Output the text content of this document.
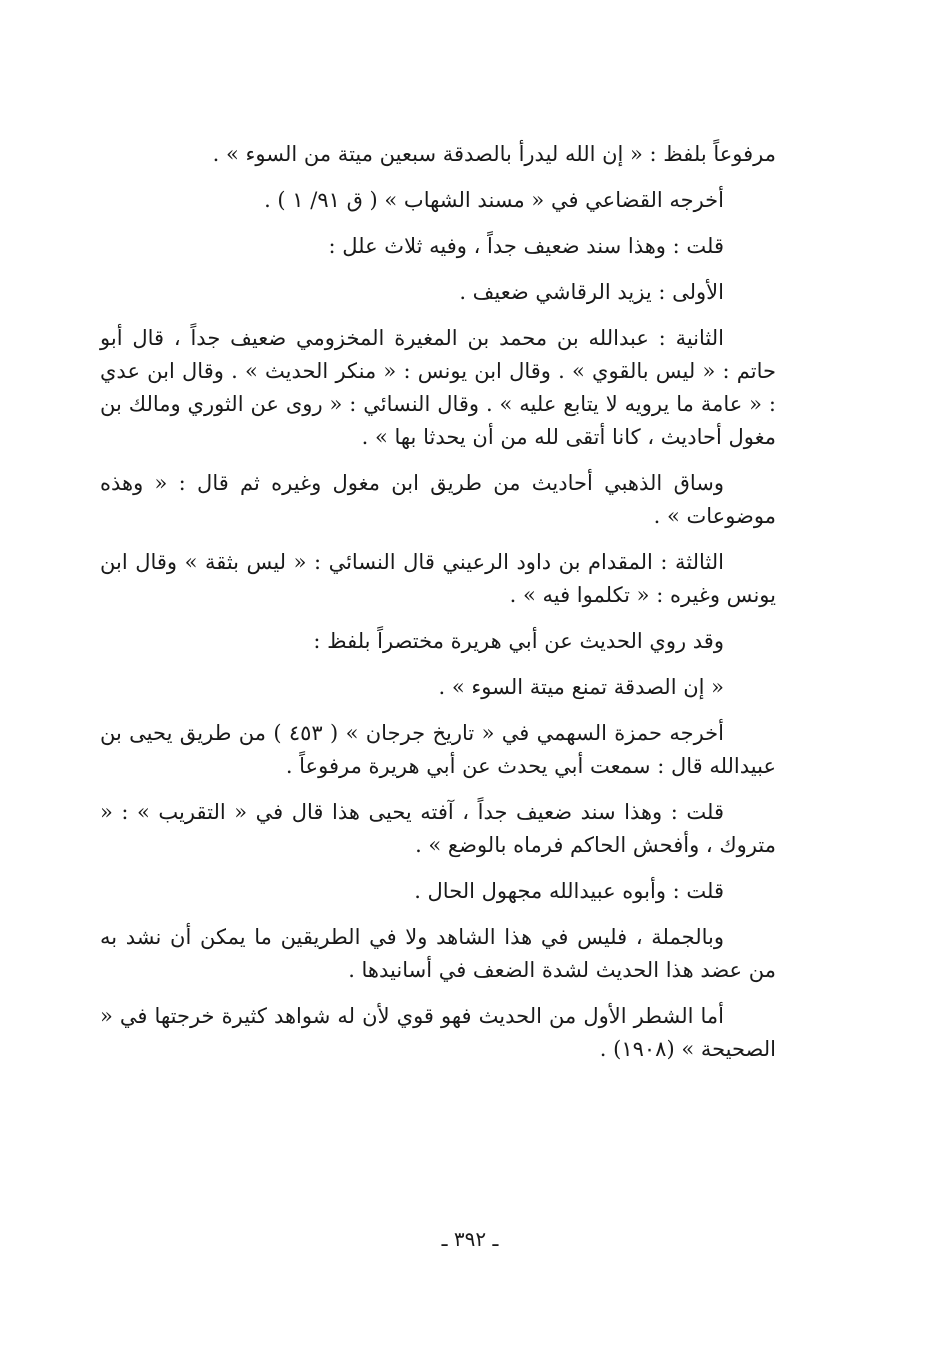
مرفوعاً بلفظ : « إن الله ليدرأ بالصدقة سبعين ميتة من السوء » .

أخرجه القضاعي في « مسند الشهاب » ( ق ٩١/ ١ ) .

قلت : وهذا سند ضعيف جداً ، وفيه ثلاث علل :

الأولى : يزيد الرقاشي ضعيف .

الثانية : عبدالله بن محمد بن المغيرة المخزومي ضعيف جداً ، قال أبو حاتم : « ليس بالقوي » . وقال ابن يونس : « منكر الحديث » . وقال ابن عدي : « عامة ما يرويه لا يتابع عليه » . وقال النسائي : « روى عن الثوري ومالك بن مغول أحاديث ، كانا أتقى لله من أن يحدثا بها » .

وساق الذهبي أحاديث من طريق ابن مغول وغيره ثم قال : « وهذه موضوعات » .

الثالثة : المقدام بن داود الرعيني قال النسائي : « ليس بثقة » وقال ابن يونس وغيره : « تكلموا فيه » .

وقد روي الحديث عن أبي هريرة مختصراً بلفظ :

« إن الصدقة تمنع ميتة السوء » .

أخرجه حمزة السهمي في « تاريخ جرجان » ( ٤٥٣ ) من طريق يحيى بن عبيدالله قال : سمعت أبي يحدث عن أبي هريرة مرفوعاً .

قلت : وهذا سند ضعيف جداً ، آفته يحيى هذا قال في « التقريب » : « متروك ، وأفحش الحاكم فرماه بالوضع » .

قلت : وأبوه عبيدالله مجهول الحال .

وبالجملة ، فليس في هذا الشاهد ولا في الطريقين ما يمكن أن نشد به من عضد هذا الحديث لشدة الضعف في أسانيدها .

أما الشطر الأول من الحديث فهو قوي لأن له شواهد كثيرة خرجتها في « الصحيحة » (١٩٠٨) .

ـ ٣٩٢ ـ
